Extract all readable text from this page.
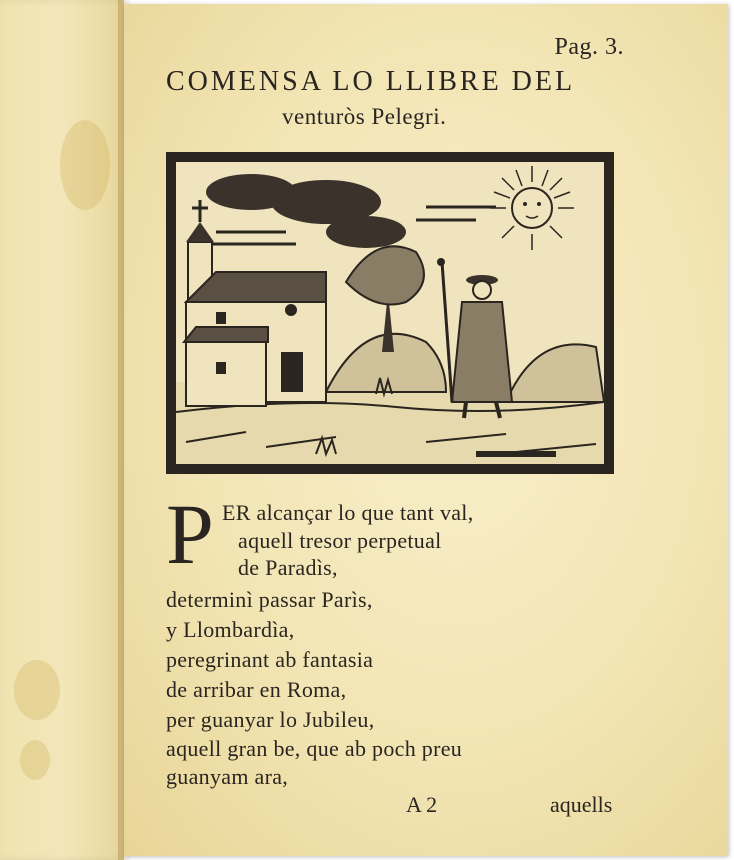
Pag. 3.
COMENSA LO LLIBRE DEL
venturòs Pelegri.
P ER alcançar lo que tant val,
aquell tresor perpetual
de Paradìs,
determinì passar Parìs,
y Llombardìa,
peregrinant ab fantasia
de arribar en Roma,
per guanyar lo Jubileu,
aquell gran be, que ab poch preu
guanyam ara,
A 2	aquells
